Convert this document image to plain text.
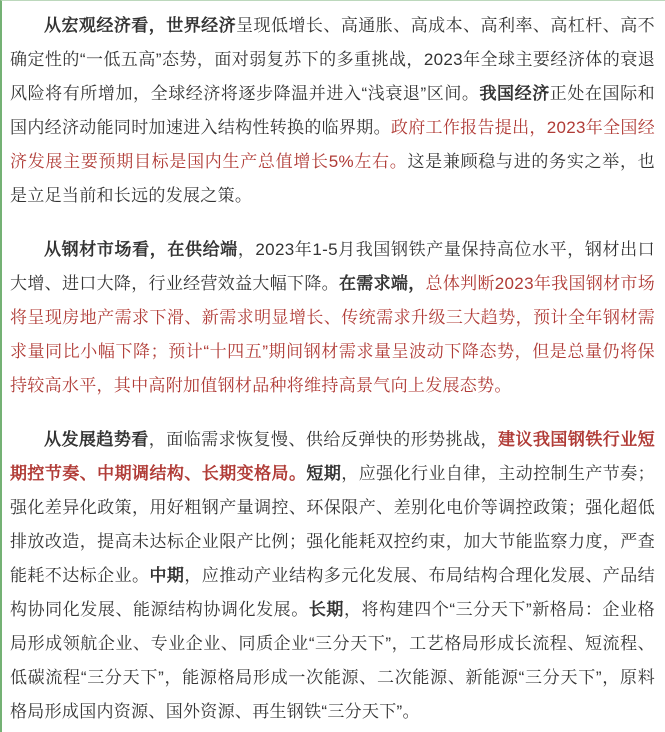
从宏观经济看，世界经济呈现低增长、高通胀、高成本、高利率、高杠杆、高不确定性的“一低五高”态势，面对弱复苏下的多重挑战，2023年全球主要经济体的衰退风险将有所增加，全球经济将逐步降温并进入“浅衰退”区间。我国经济正处在国际和国内经济动能同时加速进入结构性转换的临界期。政府工作报告提出，2023年全国经济发展主要预期目标是国内生产总值增长5%左右。这是兼顾稳与进的务实之举，也是立足当前和长远的发展之策。

从钢材市场看，在供给端，2023年1-5月我国钢铁产量保持高位水平，钢材出口大增、进口大降，行业经营效益大幅下降。在需求端，总体判断2023年我国钢材市场将呈现房地产需求下滑、新需求明显增长、传统需求升级三大趋势，预计全年钢材需求量同比小幅下降；预计“十四五”期间钢材需求量呈波动下降态势，但是总量仍将保持较高水平，其中高附加值钢材品种将维持高景气向上发展态势。

从发展趋势看，面临需求恢复慢、供给反弹快的形势挑战，建议我国钢铁行业短期控节奏、中期调结构、长期变格局。短期，应强化行业自律，主动控制生产节奏；强化差异化政策，用好粗钢产量调控、环保限产、差别化电价等调控政策；强化超低排放改造，提高未达标企业限产比例；强化能耗双控约束，加大节能监察力度，严查能耗不达标企业。中期，应推动产业结构多元化发展、布局结构合理化发展、产品结构协同化发展、能源结构协调化发展。长期，将构建四个“三分天下”新格局：企业格局形成领航企业、专业企业、同质企业“三分天下”，工艺格局形成长流程、短流程、低碳流程“三分天下”，能源格局形成一次能源、二次能源、新能源“三分天下”，原料格局形成国内资源、国外资源、再生钢铁“三分天下”。
